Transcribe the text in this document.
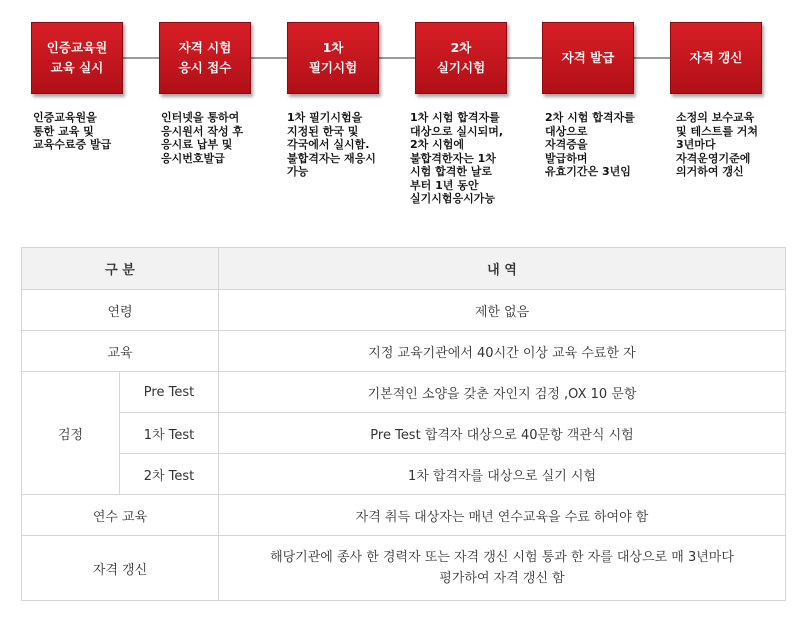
인증교육원
교육 실시
자격 시험
응시 접수
1차
필기시험
2차
실기시험
자격 발급	자격 갱신
인증교육원을
통한 교육 및
교육수료증 발급
인터넷을 통하여
응시원서 작성 후
응시료 납부 및
응시번호발급
1차 필기시험을
지정된 한국 및
각국에서 실시함.
불합격자는 재응시
가능
1차 시험 합격자를
대상으로 실시되며,
2차 시험에
불합격한자는 1차
시험 합격한 날로
부터 1년 동안
실기시험응시가능
2차 시험 합격자를
대상으로
자격증을
발급하며
유효기간은 3년임
소정의 보수교육
및 테스트를 거쳐
3년마다
자격운영기준에
의거하여 갱신
구 분		내 역
연령		제한 없음
교육		지정 교육기관에서 40시간 이상 교육 수료한 자
검정	Pre Test	기본적인 소양을 갖춘 자인지 검정 ,OX 10 문항
	1차 Test	Pre Test 합격자 대상으로 40문항 객관식 시험
	2차 Test	1차 합격자를 대상으로 실기 시험
연수 교육		자격 취득 대상자는 매년 연수교육을 수료 하여야 함
자격 갱신		해당기관에 종사 한 경력자 또는 자격 갱신 시험 통과 한 자를 대상으로 매 3년마다
평가하여 자격 갱신 함
